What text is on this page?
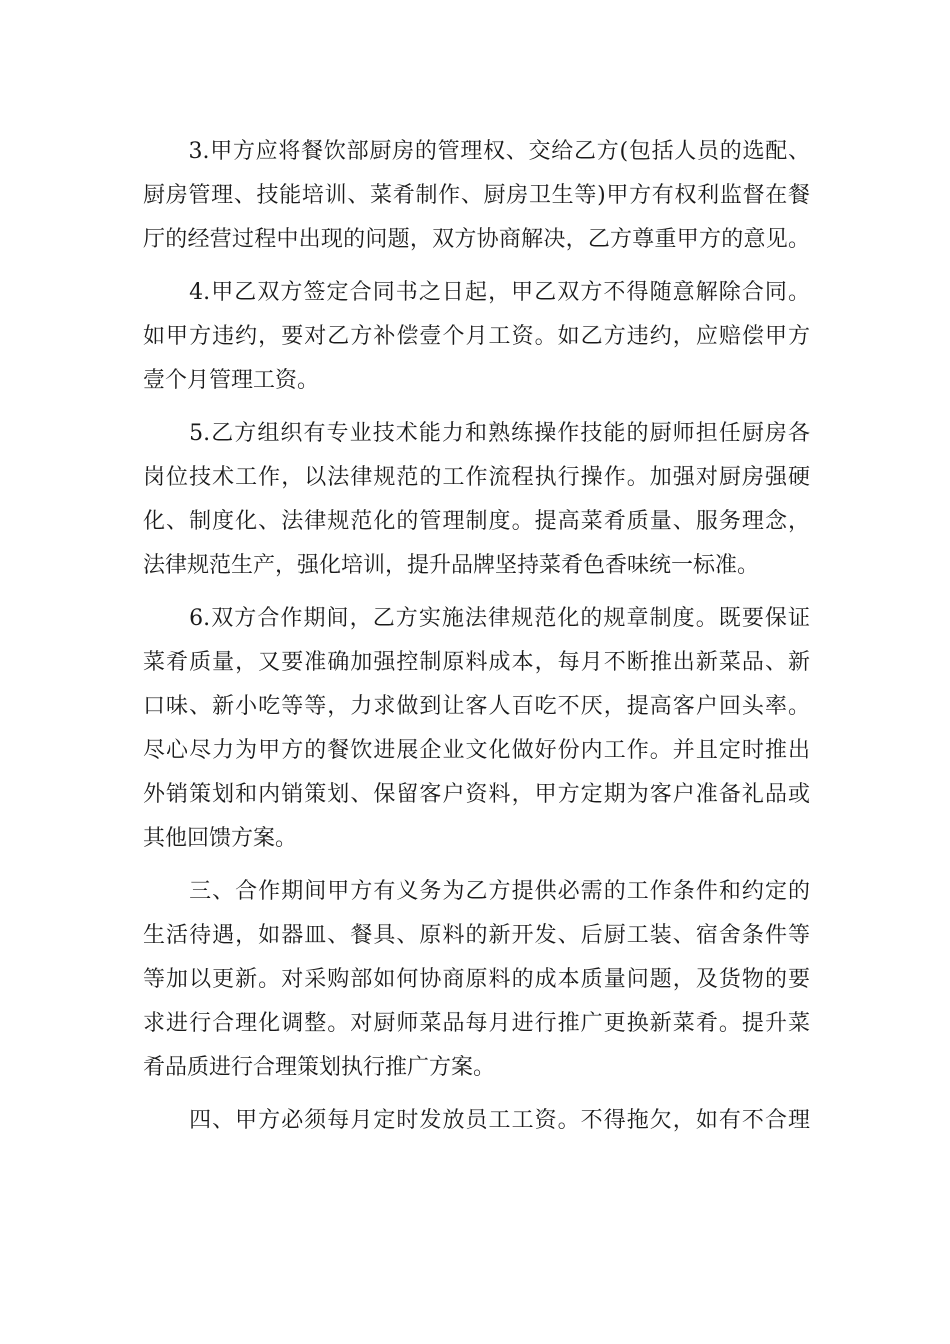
　　3.甲方应将餐饮部厨房的管理权、交给乙方(包括人员的选配、
厨房管理、技能培训、菜肴制作、厨房卫生等)甲方有权利监督在餐
厅的经营过程中出现的问题，双方协商解决，乙方尊重甲方的意见。
　　4.甲乙双方签定合同书之日起，甲乙双方不得随意解除合同。
如甲方违约，要对乙方补偿壹个月工资。如乙方违约，应赔偿甲方
壹个月管理工资。
　　5.乙方组织有专业技术能力和熟练操作技能的厨师担任厨房各
岗位技术工作，以法律规范的工作流程执行操作。加强对厨房强硬
化、制度化、法律规范化的管理制度。提高菜肴质量、服务理念，
法律规范生产，强化培训，提升品牌坚持菜肴色香味统一标准。
　　6.双方合作期间，乙方实施法律规范化的规章制度。既要保证
菜肴质量，又要准确加强控制原料成本，每月不断推出新菜品、新
口味、新小吃等等，力求做到让客人百吃不厌，提高客户回头率。
尽心尽力为甲方的餐饮进展企业文化做好份内工作。并且定时推出
外销策划和内销策划、保留客户资料，甲方定期为客户准备礼品或
其他回馈方案。
　　三、合作期间甲方有义务为乙方提供必需的工作条件和约定的
生活待遇，如器皿、餐具、原料的新开发、后厨工装、宿舍条件等
等加以更新。对采购部如何协商原料的成本质量问题，及货物的要
求进行合理化调整。对厨师菜品每月进行推广更换新菜肴。提升菜
肴品质进行合理策划执行推广方案。
　　四、甲方必须每月定时发放员工工资。不得拖欠，如有不合理
